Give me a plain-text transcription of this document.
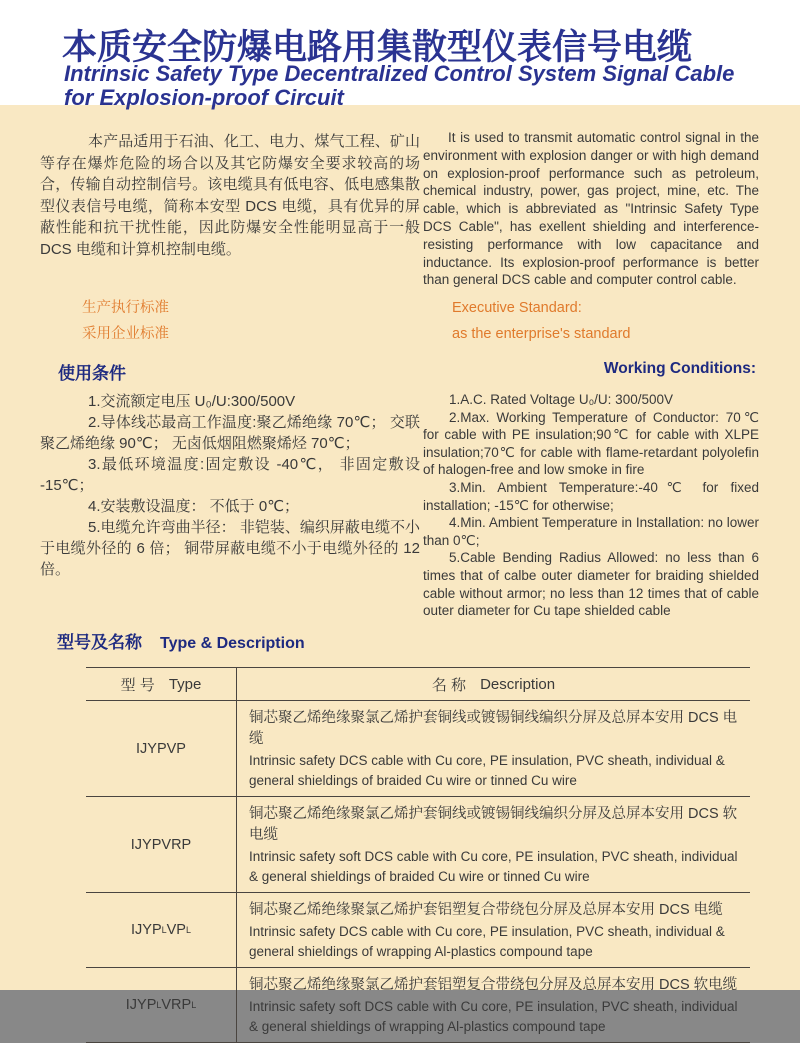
本质安全防爆电路用集散型仪表信号电缆
Intrinsic Safety Type Decentralized Control System Signal Cable
for Explosion-proof Circuit

本产品适用于石油、化工、电力、煤气工程、矿山等存在爆炸危险的场合以及其它防爆安全要求较高的场合，传输自动控制信号。该电缆具有低电容、低电感集散型仪表信号电缆，简称本安型 DCS 电缆，具有优异的屏蔽性能和抗干扰性能，因此防爆安全性能明显高于一般 DCS 电缆和计算机控制电缆。

It is used to transmit automatic control signal in the environment with explosion danger or with high demand on explosion-proof performance such as petroleum, chemical industry, power, gas project, mine, etc. The cable, which is abbreviated as "Intrinsic Safety Type DCS Cable", has exellent shielding and interference-resisting performance with low capacitance and inductance. Its explosion-proof performance is better than general DCS cable and computer control cable.

生产执行标准
采用企业标准
Executive Standard:
as the enterprise's standard
使用条件	Working Conditions:

1.交流额定电压 U₀/U:300/500V

2.导体线芯最高工作温度:聚乙烯绝缘 70℃； 交联聚乙烯绝缘 90℃； 无卤低烟阻燃聚烯烃 70℃；

3.最低环境温度:固定敷设 -40℃， 非固定敷设 -15℃；

4.安装敷设温度： 不低于 0℃；

5.电缆允许弯曲半径： 非铠装、编织屏蔽电缆不小于电缆外径的 6 倍； 铜带屏蔽电缆不小于电缆外径的 12 倍。

1.A.C. Rated Voltage U₀/U: 300/500V

2.Max. Working Temperature of Conductor: 70℃ for cable with PE insulation;90℃ for cable with XLPE insulation;70℃ for cable with flame-retardant polyolefin of halogen-free and low smoke in fire

3.Min. Ambient Temperature:-40℃ for fixed installation; -15℃ for otherwise;

4.Min. Ambient Temperature in Installation: no lower than 0℃;

5.Cable Bending Radius Allowed: no less than 6 times that of calbe outer diameter for braiding shielded cable without armor; no less than 12 times that of cable outer diameter for Cu tape shielded cable

型号及名称 Type & Description
型 号 Type	名 称 Description
IJYPVP
铜芯聚乙烯绝缘聚氯乙烯护套铜线或镀锡铜线编织分屏及总屏本安用 DCS 电缆
Intrinsic safety DCS cable with Cu core, PE insulation, PVC sheath, individual & general shieldings of braided Cu wire or tinned Cu wire
IJYPVRP
铜芯聚乙烯绝缘聚氯乙烯护套铜线或镀锡铜线编织分屏及总屏本安用 DCS 软电缆
Intrinsic safety soft DCS cable with Cu core, PE insulation, PVC sheath, individual & general shieldings of braided Cu wire or tinned Cu wire
IJYP L VP L
铜芯聚乙烯绝缘聚氯乙烯护套铝塑复合带绕包分屏及总屏本安用 DCS 电缆
Intrinsic safety DCS cable with Cu core, PE insulation, PVC sheath, individual & general shieldings of wrapping Al-plastics compound tape
IJYP L VRP L
铜芯聚乙烯绝缘聚氯乙烯护套铝塑复合带绕包分屏及总屏本安用 DCS 软电缆
Intrinsic safety soft DCS cable with Cu core, PE insulation, PVC sheath, individual & general shieldings of wrapping Al-plastics compound tape
